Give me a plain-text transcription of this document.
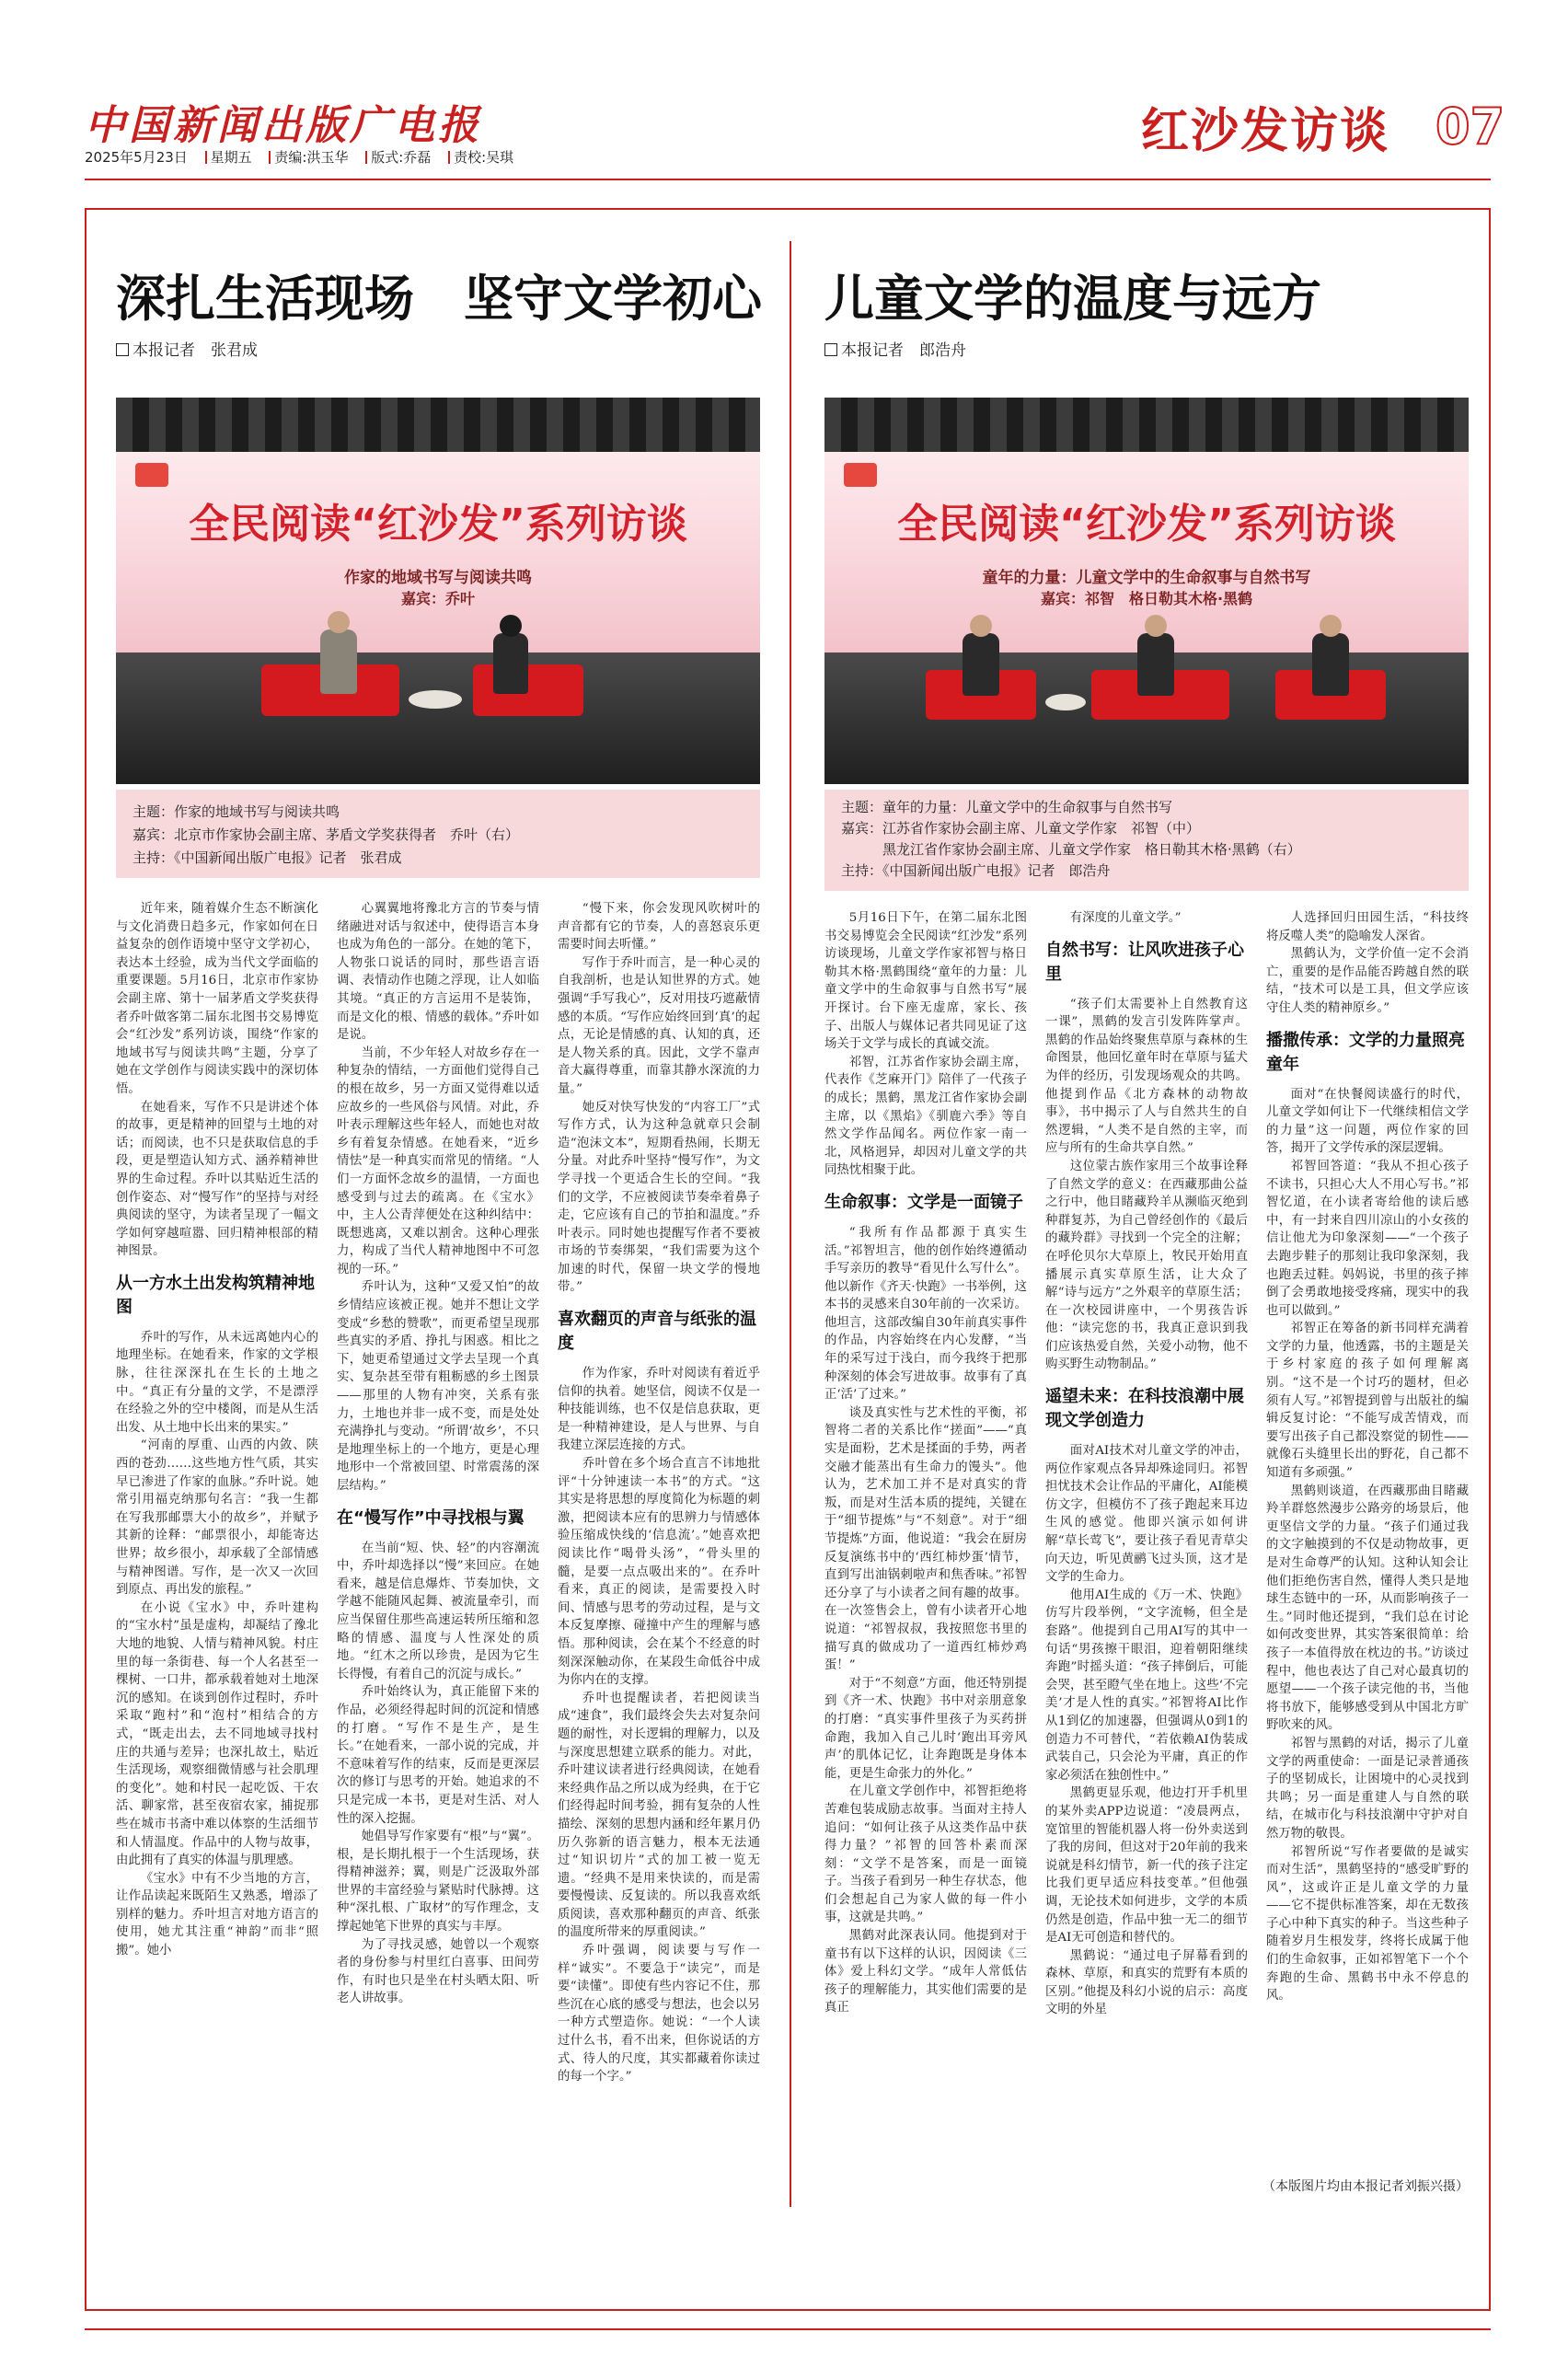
中国新闻出版广电报
2025年5月23日 星期五 责编:洪玉华 版式:乔磊 责校:吴琪	红沙发访谈 07
深扎生活现场　坚守文学初心
本报记者　张君成
全民阅读“红沙发”系列访谈
作家的地域书写与阅读共鸣
嘉宾：乔叶
主题：作家的地域书写与阅读共鸣
嘉宾：北京市作家协会副主席、茅盾文学奖获得者　乔叶（右）
主持：《中国新闻出版广电报》记者　张君成

近年来，随着媒介生态不断演化与文化消费日趋多元，作家如何在日益复杂的创作语境中坚守文学初心，表达本土经验，成为当代文学面临的重要课题。5月16日，北京市作家协会副主席、第十一届茅盾文学奖获得者乔叶做客第二届东北图书交易博览会“红沙发”系列访谈，围绕“作家的地域书写与阅读共鸣”主题，分享了她在文学创作与阅读实践中的深切体悟。

在她看来，写作不只是讲述个体的故事，更是精神的回望与土地的对话；而阅读，也不只是获取信息的手段，更是塑造认知方式、涵养精神世界的生命过程。乔叶以其贴近生活的创作姿态、对“慢写作”的坚持与对经典阅读的坚守，为读者呈现了一幅文学如何穿越喧嚣、回归精神根部的精神图景。

从一方水土出发构筑精神地图

乔叶的写作，从未远离她内心的地理坐标。在她看来，作家的文学根脉，往往深深扎在生长的土地之中。“真正有分量的文学，不是漂浮在经验之外的空中楼阁，而是从生活出发、从土地中长出来的果实。”

“河南的厚重、山西的内敛、陕西的苍劲……这些地方性气质，其实早已渗进了作家的血脉。”乔叶说。她常引用福克纳那句名言：“我一生都在写我那邮票大小的故乡”，并赋予其新的诠释：“邮票很小，却能寄达世界；故乡很小，却承载了全部情感与精神图谱。写作，是一次又一次回到原点、再出发的旅程。”

在小说《宝水》中，乔叶建构的“宝水村”虽是虚构，却凝结了豫北大地的地貌、人情与精神风貌。村庄里的每一条街巷、每一个人名甚至一棵树、一口井，都承载着她对土地深沉的感知。在谈到创作过程时，乔叶采取“跑村”和“泡村”相结合的方式，“既走出去，去不同地域寻找村庄的共通与差异；也深扎故土，贴近生活现场，观察细微情感与社会肌理的变化”。她和村民一起吃饭、干农活、聊家常，甚至夜宿农家，捕捉那些在城市书斋中难以体察的生活细节和人情温度。作品中的人物与故事，由此拥有了真实的体温与肌理感。

《宝水》中有不少当地的方言，让作品读起来既陌生又熟悉，增添了别样的魅力。乔叶坦言对地方语言的使用，她尤其注重“神韵”而非“照搬”。她小

心翼翼地将豫北方言的节奏与情绪融进对话与叙述中，使得语言本身也成为角色的一部分。在她的笔下，人物张口说话的同时，那些语言语调、表情动作也随之浮现，让人如临其境。“真正的方言运用不是装饰，而是文化的根、情感的载体。”乔叶如是说。

当前，不少年轻人对故乡存在一种复杂的情结，一方面他们觉得自己的根在故乡，另一方面又觉得难以适应故乡的一些风俗与风情。对此，乔叶表示理解这些年轻人，而她也对故乡有着复杂情感。在她看来，“近乡情怯”是一种真实而常见的情绪。“人们一方面怀念故乡的温情，一方面也感受到与过去的疏离。在《宝水》中，主人公青萍便处在这种纠结中：既想逃离，又难以割舍。这种心理张力，构成了当代人精神地图中不可忽视的一环。”

乔叶认为，这种“又爱又怕”的故乡情结应该被正视。她并不想让文学变成“乡愁的赞歌”，而更希望呈现那些真实的矛盾、挣扎与困惑。相比之下，她更希望通过文学去呈现一个真实、复杂甚至带有粗粝感的乡土图景——那里的人物有冲突，关系有张力，土地也并非一成不变，而是处处充满挣扎与变动。“所谓‘故乡’，不只是地理坐标上的一个地方，更是心理地形中一个常被回望、时常震荡的深层结构。”

在“慢写作”中寻找根与翼

在当前“短、快、轻”的内容潮流中，乔叶却选择以“慢”来回应。在她看来，越是信息爆炸、节奏加快，文学越不能随风起舞、被流量牵引，而应当保留住那些高速运转所压缩和忽略的情感、温度与人性深处的质地。“红木之所以珍贵，是因为它生长得慢，有着自己的沉淀与成长。”

乔叶始终认为，真正能留下来的作品，必须经得起时间的沉淀和情感的打磨。“写作不是生产，是生长。”在她看来，一部小说的完成，并不意味着写作的结束，反而是更深层次的修订与思考的开始。她追求的不只是完成一本书，更是对生活、对人性的深入挖掘。

她倡导写作家要有“根”与“翼”。根，是长期扎根于一个生活现场，获得精神滋养；翼，则是广泛汲取外部世界的丰富经验与紧贴时代脉搏。这种“深扎根、广取材”的写作理念，支撑起她笔下世界的真实与丰厚。

为了寻找灵感，她曾以一个观察者的身份参与村里红白喜事、田间劳作，有时也只是坐在村头晒太阳、听老人讲故事。

“慢下来，你会发现风吹树叶的声音都有它的节奏，人的喜怒哀乐更需要时间去听懂。”

写作于乔叶而言，是一种心灵的自我剖析，也是认知世界的方式。她强调“手写我心”，反对用技巧遮蔽情感的本质。“写作应始终回到‘真’的起点，无论是情感的真、认知的真，还是人物关系的真。因此，文学不靠声音大赢得尊重，而靠其静水深流的力量。”

她反对快写快发的“内容工厂”式写作方式，认为这种急就章只会制造“泡沫文本”，短期看热闹，长期无分量。对此乔叶坚持“慢写作”，为文学寻找一个更适合生长的空间。“我们的文学，不应被阅读节奏牵着鼻子走，它应该有自己的节拍和温度。”乔叶表示。同时她也提醒写作者不要被市场的节奏绑架，“我们需要为这个加速的时代，保留一块文学的慢地带。”

喜欢翻页的声音与纸张的温度

作为作家，乔叶对阅读有着近乎信仰的执着。她坚信，阅读不仅是一种技能训练，也不仅是信息获取，更是一种精神建设，是人与世界、与自我建立深层连接的方式。

乔叶曾在多个场合直言不讳地批评“十分钟速读一本书”的方式。“这其实是将思想的厚度简化为标题的刺激，把阅读本应有的思辨力与情感体验压缩成快线的‘信息流’。”她喜欢把阅读比作“喝骨头汤”，“骨头里的髓，是要一点点吸出来的”。在乔叶看来，真正的阅读，是需要投入时间、情感与思考的劳动过程，是与文本反复摩擦、碰撞中产生的理解与感悟。那种阅读，会在某个不经意的时刻深深触动你，在某段生命低谷中成为你内在的支撑。

乔叶也提醒读者，若把阅读当成“速食”，我们最终会失去对复杂问题的耐性，对长逻辑的理解力，以及与深度思想建立联系的能力。对此，乔叶建议读者进行经典阅读，在她看来经典作品之所以成为经典，在于它们经得起时间考验，拥有复杂的人性描绘、深刻的思想内涵和经年累月仍历久弥新的语言魅力，根本无法通过“知识切片”式的加工被一览无遗。“经典不是用来快读的，而是需要慢慢读、反复读的。所以我喜欢纸质阅读，喜欢那种翻页的声音、纸张的温度所带来的厚重阅读。”

乔叶强调，阅读要与写作一样“诚实”。不要急于“读完”，而是要“读懂”。即使有些内容记不住，那些沉在心底的感受与想法，也会以另一种方式塑造你。她说：“一个人读过什么书，看不出来，但你说话的方式、待人的尺度，其实都藏着你读过的每一个字。”

儿童文学的温度与远方
本报记者　郎浩舟
全民阅读“红沙发”系列访谈
童年的力量：儿童文学中的生命叙事与自然书写
嘉宾：祁智　格日勒其木格·黑鹤
主题：童年的力量：儿童文学中的生命叙事与自然书写
嘉宾：江苏省作家协会副主席、儿童文学作家　祁智（中）
　　　黑龙江省作家协会副主席、儿童文学作家　格日勒其木格·黑鹤（右）
主持：《中国新闻出版广电报》记者　郎浩舟

5月16日下午，在第二届东北图书交易博览会全民阅读“红沙发”系列访谈现场，儿童文学作家祁智与格日勒其木格·黑鹤围绕“童年的力量：儿童文学中的生命叙事与自然书写”展开探讨。台下座无虚席，家长、孩子、出版人与媒体记者共同见证了这场关于文学与成长的真诚交流。

祁智，江苏省作家协会副主席，代表作《芝麻开门》陪伴了一代孩子的成长；黑鹤，黑龙江省作家协会副主席，以《黑焰》《驯鹿六季》等自然文学作品闻名。两位作家一南一北，风格迥异，却因对儿童文学的共同热忱相聚于此。

生命叙事：文学是一面镜子

“我所有作品都源于真实生活。”祁智坦言，他的创作始终遵循动手写亲历的教导“看见什么写什么”。他以新作《齐天·快跑》一书举例，这本书的灵感来自30年前的一次采访。他坦言，这部改编自30年前真实事件的作品，内容始终在内心发酵，“当年的采写过于浅白，而今我终于把那种深刻的体会写进故事。故事有了真正‘活’了过来。”

谈及真实性与艺术性的平衡，祁智将二者的关系比作“搓面”——“真实是面粉，艺术是揉面的手势，两者交融才能蒸出有生命力的馒头”。他认为，艺术加工并不是对真实的背叛，而是对生活本质的提纯，关键在于“细节提炼”与“不刻意”。对于“细节提炼”方面，他说道：“我会在厨房反复演练书中的‘西红柿炒蛋’情节，直到写出油锅刺啦声和焦香味。”祁智还分享了与小读者之间有趣的故事。在一次签售会上，曾有小读者开心地说道：“祁智叔叔，我按照您书里的描写真的做成功了一道西红柿炒鸡蛋！”

对于“不刻意”方面，他还特别提到《齐一术、快跑》书中对亲朋意象的打磨：“真实事件里孩子为买药拼命跑，我加入自己儿时‘跑出耳旁风声’的肌体记忆，让奔跑既是身体本能，更是生命张力的外化。”

在儿童文学创作中，祁智拒绝将苦难包装成励志故事。当面对主持人追问：“如何让孩子从这类作品中获得力量？”祁智的回答朴素而深刻：“文学不是答案，而是一面镜子。当孩子看到另一种生存状态，他们会想起自己为家人做的每一件小事，这就是共鸣。”

黑鹤对此深表认同。他提到对于童书有以下这样的认识，因阅读《三体》爱上科幻文学。“成年人常低估孩子的理解能力，其实他们需要的是真正

有深度的儿童文学。”

自然书写：让风吹进孩子心里

“孩子们太需要补上自然教育这一课”，黑鹤的发言引发阵阵掌声。黑鹤的作品始终聚焦草原与森林的生命图景，他回忆童年时在草原与猛犬为伴的经历，引发现场观众的共鸣。他提到作品《北方森林的动物故事》，书中揭示了人与自然共生的自然逻辑，“人类不是自然的主宰，而应与所有的生命共享自然。”

这位蒙古族作家用三个故事诠释了自然文学的意义：在西藏那曲公益之行中，他目睹藏羚羊从濒临灭绝到种群复苏，为自己曾经创作的《最后的藏羚群》寻找到一个完全的注解；在呼伦贝尔大草原上，牧民开始用直播展示真实草原生活，让大众了解“诗与远方”之外艰辛的草原生活；在一次校园讲座中，一个男孩告诉他：“读完您的书，我真正意识到我们应该热爱自然，关爱小动物，他不购买野生动物制品。”

遥望未来：在科技浪潮中展现文学创造力

面对AI技术对儿童文学的冲击，两位作家观点各异却殊途同归。祁智担忧技术会让作品的平庸化，AI能模仿文字，但模仿不了孩子跑起来耳边生风的感觉。他即兴演示如何讲解“草长莺飞”，要让孩子看见青草尖向天边，听见黄鹂飞过头顶，这才是文学的生命力。

他用AI生成的《万一术、快跑》仿写片段举例，“文字流畅，但全是套路”。他提到自己用AI写的其中一句话“男孩擦干眼泪，迎着朝阳继续奔跑”时摇头道：“孩子摔倒后，可能会哭，甚至瞪气坐在地上。这些‘不完美’才是人性的真实。”祁智将AI比作从1到亿的加速器，但强调从0到1的创造力不可替代，“若依赖AI伪装成武装自己，只会沦为平庸，真正的作家必须活在独创性中。”

黑鹤更显乐观，他边打开手机里的某外卖APP边说道：“凌晨两点，宽馆里的智能机器人将一份外卖送到了我的房间，但这对于20年前的我来说就是科幻情节，新一代的孩子注定比我们更早适应科技变革。”但他强调，无论技术如何进步，文学的本质仍然是创造，作品中独一无二的细节是AI无可创造和替代的。

黑鹤说：“通过电子屏幕看到的森林、草原，和真实的荒野有本质的区别。”他提及科幻小说的启示：高度文明的外星

人选择回归田园生活，“科技终将反噬人类”的隐喻发人深省。

黑鹤认为，文学价值一定不会消亡，重要的是作品能否跨越自然的联结，“技术可以是工具，但文学应该守住人类的精神原乡。”

播撒传承：文学的力量照亮童年

面对“在快餐阅读盛行的时代，儿童文学如何让下一代继续相信文学的力量”这一问题，两位作家的回答，揭开了文学传承的深层逻辑。

祁智回答道：“我从不担心孩子不读书，只担心大人不用心写书。”祁智忆道，在小读者寄给他的读后感中，有一封来自四川凉山的小女孩的信让他尤为印象深刻——“一个孩子去跑步鞋子的那刻让我印象深刻，我也跑丢过鞋。妈妈说，书里的孩子摔倒了会勇敢地接受疼痛，现实中的我也可以做到。”

祁智正在筹备的新书同样充满着文学的力量，他透露，书的主题是关于乡村家庭的孩子如何理解离别。“这不是一个讨巧的题材，但必须有人写。”祁智提到曾与出版社的编辑反复讨论：“不能写成苦情戏，而要写出孩子自己都没察觉的韧性——就像石头缝里长出的野花，自己都不知道有多顽强。”

黑鹤则谈道，在西藏那曲目睹藏羚羊群悠然漫步公路旁的场景后，他更坚信文学的力量。“孩子们通过我的文字触摸到的不仅是动物故事，更是对生命尊严的认知。这种认知会让他们拒绝伤害自然，懂得人类只是地球生态链中的一环，从而影响孩子一生。”同时他还提到，“我们总在讨论如何改变世界，其实答案很简单：给孩子一本值得放在枕边的书。”访谈过程中，他也表达了自己对心最真切的愿望——一个孩子读完他的书，当他将书放下，能够感受到从中国北方旷野吹来的风。

祁智与黑鹤的对话，揭示了儿童文学的两重使命：一面是记录普通孩子的坚韧成长，让困境中的心灵找到共鸣；另一面是重建人与自然的联结，在城市化与科技浪潮中守护对自然万物的敬畏。

祁智所说“写作者要做的是诚实而对生活”，黑鹤坚持的“感受旷野的风”，这或许正是儿童文学的力量——它不提供标准答案，却在无数孩子心中种下真实的种子。当这些种子随着岁月生根发芽，终将长成属于他们的生命叙事，正如祁智笔下一个个奔跑的生命、黑鹤书中永不停息的风。

（本版图片均由本报记者刘振兴摄）
